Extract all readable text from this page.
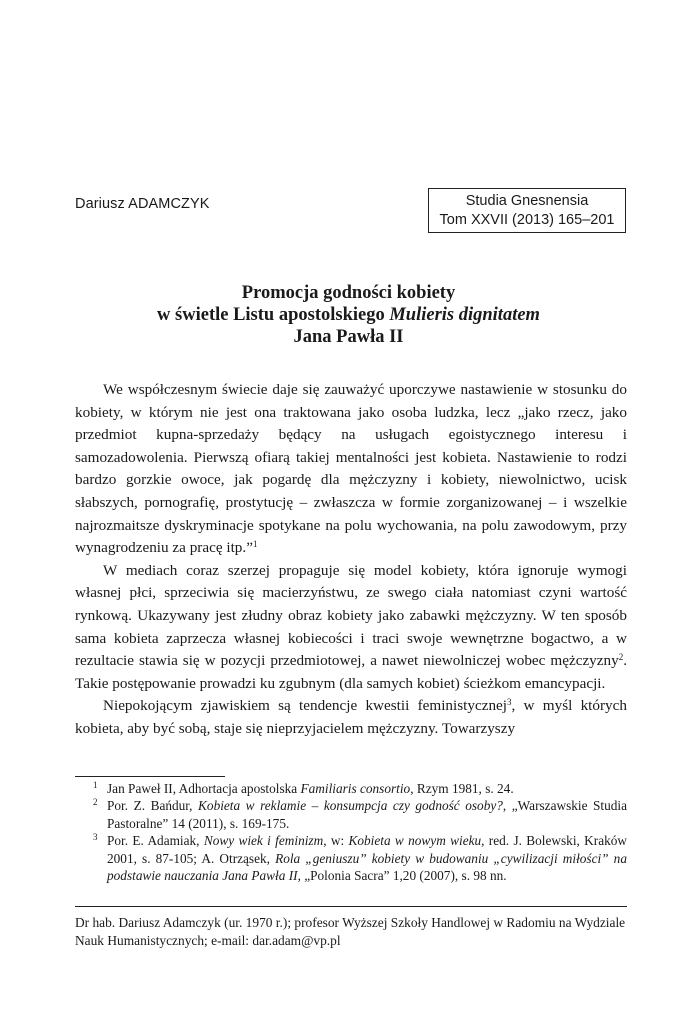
Dariusz ADAMCZYK	Studia Gnesnensia
Tom XXVII (2013) 165–201
Promocja godności kobiety
w świetle Listu apostolskiego Mulieris dignitatem
Jana Pawła II

We współczesnym świecie daje się zauważyć uporczywe nastawienie w stosunku do kobiety, w którym nie jest ona traktowana jako osoba ludzka, lecz „jako rzecz, jako przedmiot kupna-sprzedaży będący na usługach egoistycznego interesu i samozadowolenia. Pierwszą ofiarą takiej mentalności jest kobieta. Nastawienie to rodzi bardzo gorzkie owoce, jak pogardę dla mężczyzny i kobiety, niewolnictwo, ucisk słabszych, pornografię, prostytucję – zwłaszcza w formie zorganizowanej – i wszelkie najrozmaitsze dyskryminacje spotykane na polu wychowania, na polu zawodowym, przy wynagrodzeniu za pracę itp.”$^1$

W mediach coraz szerzej propaguje się model kobiety, która ignoruje wymogi własnej płci, sprzeciwia się macierzyństwu, ze swego ciała natomiast czyni wartość rynkową. Ukazywany jest złudny obraz kobiety jako zabawki mężczyzny. W ten sposób sama kobieta zaprzecza własnej kobiecości i traci swoje wewnętrzne bogactwo, a w rezultacie stawia się w pozycji przedmiotowej, a nawet niewolniczej wobec mężczyzny$^2$. Takie postępowanie prowadzi ku zgubnym (dla samych kobiet) ścieżkom emancypacji.

Niepokojącym zjawiskiem są tendencje kwestii feministycznej$^3$, w myśl których kobieta, aby być sobą, staje się nieprzyjacielem mężczyzny. Towarzyszy

1 Jan Paweł II, Adhortacja apostolska Familiaris consortio, Rzym 1981, s. 24.
2 Por. Z. Bańdur, Kobieta w reklamie – konsumpcja czy godność osoby?, „Warszawskie Studia Pastoralne” 14 (2011), s. 169-175.
3 Por. E. Adamiak, Nowy wiek i feminizm, w: Kobieta w nowym wieku, red. J. Bolewski, Kraków 2001, s. 87-105; A. Otrząsek, Rola „geniuszu” kobiety w budowaniu „cywilizacji miłości” na podstawie nauczania Jana Pawła II, „Polonia Sacra” 1,20 (2007), s. 98 nn.
Dr hab. Dariusz Adamczyk (ur. 1970 r.); profesor Wyższej Szkoły Handlowej w Radomiu na Wydziale Nauk Humanistycznych; e-mail: dar.adam@vp.pl
